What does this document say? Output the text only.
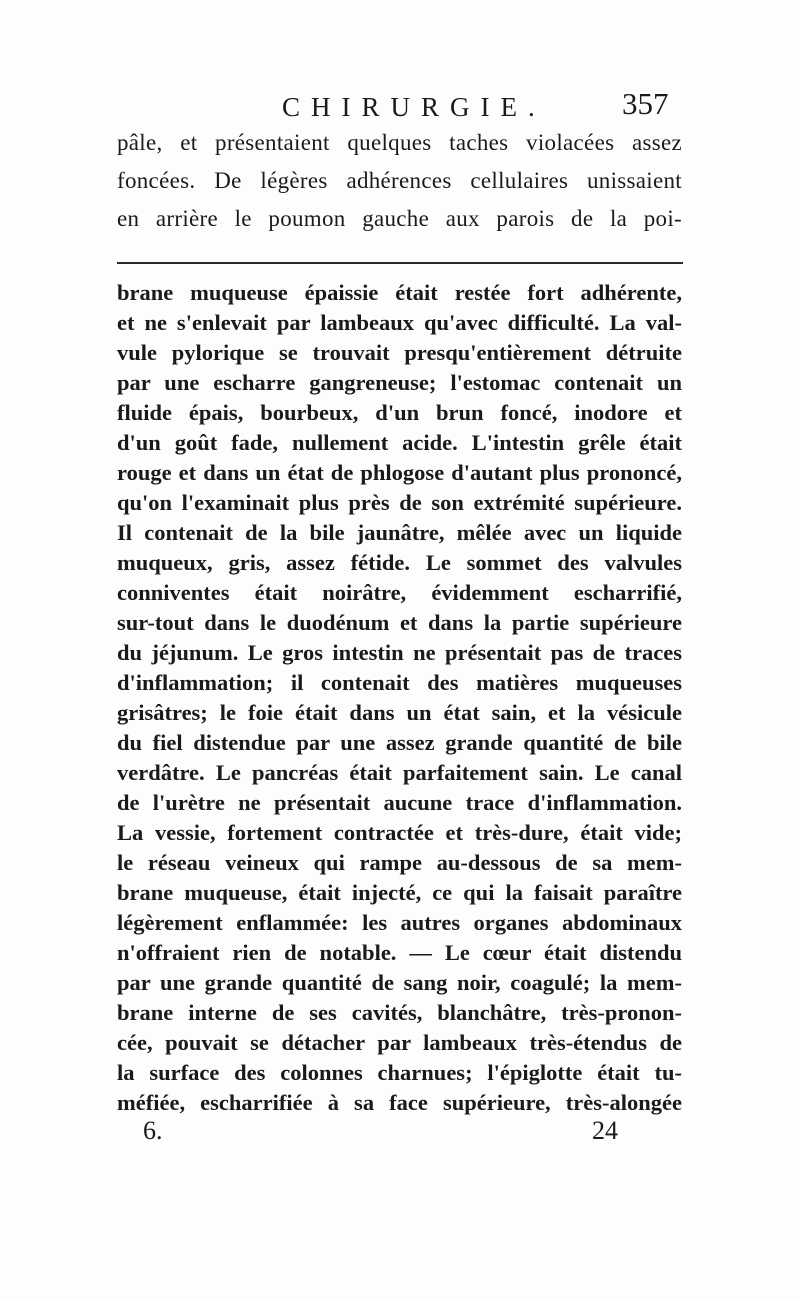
CHIRURGIE. 357
pâle, et présentaient quelques taches violacées assez
foncées. De légères adhérences cellulaires unissaient
en arrière le poumon gauche aux parois de la poi-
brane muqueuse épaissie était restée fort adhérente,
et ne s'enlevait par lambeaux qu'avec difficulté. La val-
vule pylorique se trouvait presqu'entièrement détruite
par une escharre gangreneuse; l'estomac contenait un
fluide épais, bourbeux, d'un brun foncé, inodore et
d'un goût fade, nullement acide. L'intestin grêle était
rouge et dans un état de phlogose d'autant plus prononcé,
qu'on l'examinait plus près de son extrémité supérieure.
Il contenait de la bile jaunâtre, mêlée avec un liquide
muqueux, gris, assez fétide. Le sommet des valvules
conniventes était noirâtre, évidemment escharrifié,
sur-tout dans le duodénum et dans la partie supérieure
du jéjunum. Le gros intestin ne présentait pas de traces
d'inflammation; il contenait des matières muqueuses
grisâtres; le foie était dans un état sain, et la vésicule
du fiel distendue par une assez grande quantité de bile
verdâtre. Le pancréas était parfaitement sain. Le canal
de l'urètre ne présentait aucune trace d'inflammation.
La vessie, fortement contractée et très-dure, était vide;
le réseau veineux qui rampe au-dessous de sa mem-
brane muqueuse, était injecté, ce qui la faisait paraître
légèrement enflammée: les autres organes abdominaux
n'offraient rien de notable. — Le cœur était distendu
par une grande quantité de sang noir, coagulé; la mem-
brane interne de ses cavités, blanchâtre, très-pronon-
cée, pouvait se détacher par lambeaux très-étendus de
la surface des colonnes charnues; l'épiglotte était tu-
méfiée, escharrifiée à sa face supérieure, très-alongée
6.	24
